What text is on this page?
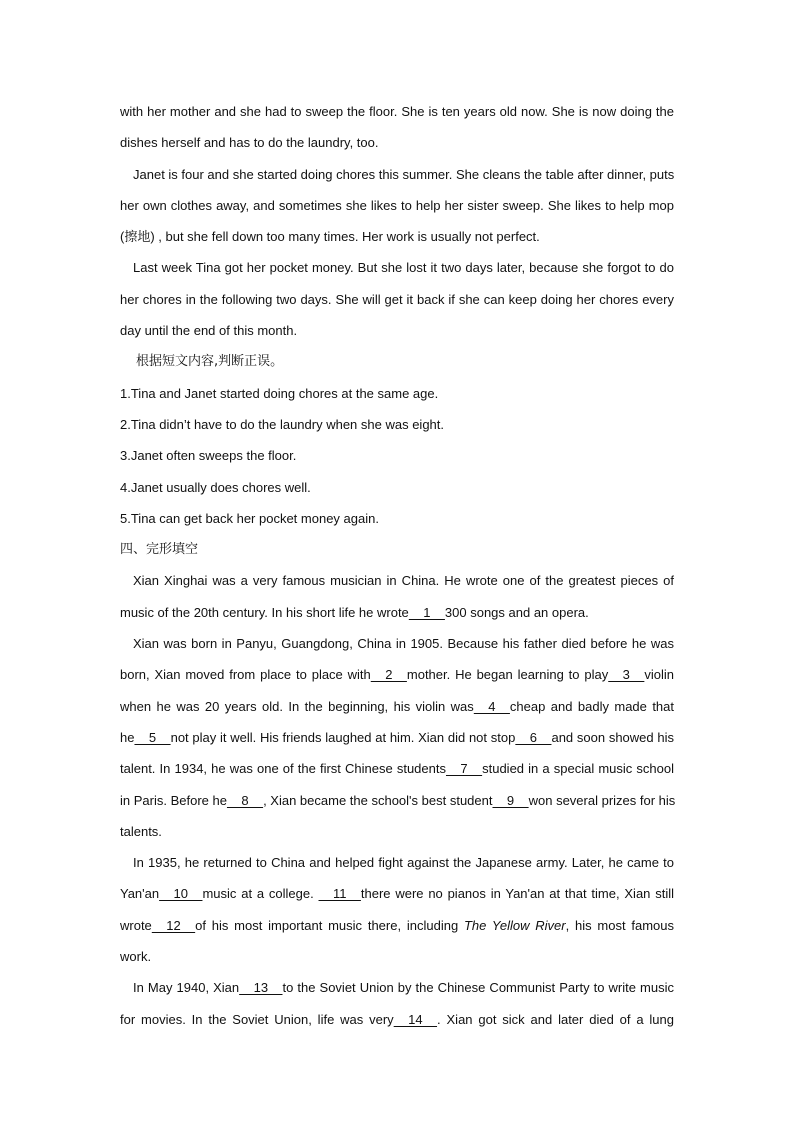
with her mother and she had to sweep the floor. She is ten years old now. She is now doing the
dishes herself and has to do the laundry, too.
Janet is four and she started doing chores this summer. She cleans the table after dinner, puts
her own clothes away, and sometimes she likes to help her sister sweep. She likes to help mop
(擦地) , but she fell down too many times. Her work is usually not perfect.
Last week Tina got her pocket money. But she lost it two days later, because she forgot to do
her chores in the following two days. She will get it back if she can keep doing her chores every
day until the end of this month.
根据短文内容,判断正误。
1.Tina and Janet started doing chores at the same age.
2.Tina didn’t have to do the laundry when she was eight.
3.Janet often sweeps the floor.
4.Janet usually does chores well.
5.Tina can get back her pocket money again.
四、完形填空
Xian Xinghai was a very famous musician in China. He wrote one of the greatest pieces of
music of the 20th century. In his short life he wrote    1    300 songs and an opera.
Xian was born in Panyu, Guangdong, China in 1905. Because his father died before he was
born, Xian moved from place to place with    2    mother. He began learning to play    3    violin
when he was 20 years old. In the beginning, his violin was    4    cheap and badly made that
he    5    not play it well. His friends laughed at him. Xian did not stop    6    and soon showed his
talent. In 1934, he was one of the first Chinese students    7    studied in a special music school
in Paris. Before he    8    , Xian became the school's best student    9    won several prizes for his
talents.
In 1935, he returned to China and helped fight against the Japanese army. Later, he came to
Yan'an    10    music at a college.     11    there were no pianos in Yan'an at that time, Xian still
wrote    12    of his most important music there, including The Yellow River, his most famous
work.
In May 1940, Xian    13    to the Soviet Union by the Chinese Communist Party to write music
for movies. In the Soviet Union, life was very    14    . Xian got sick and later died of a lung
